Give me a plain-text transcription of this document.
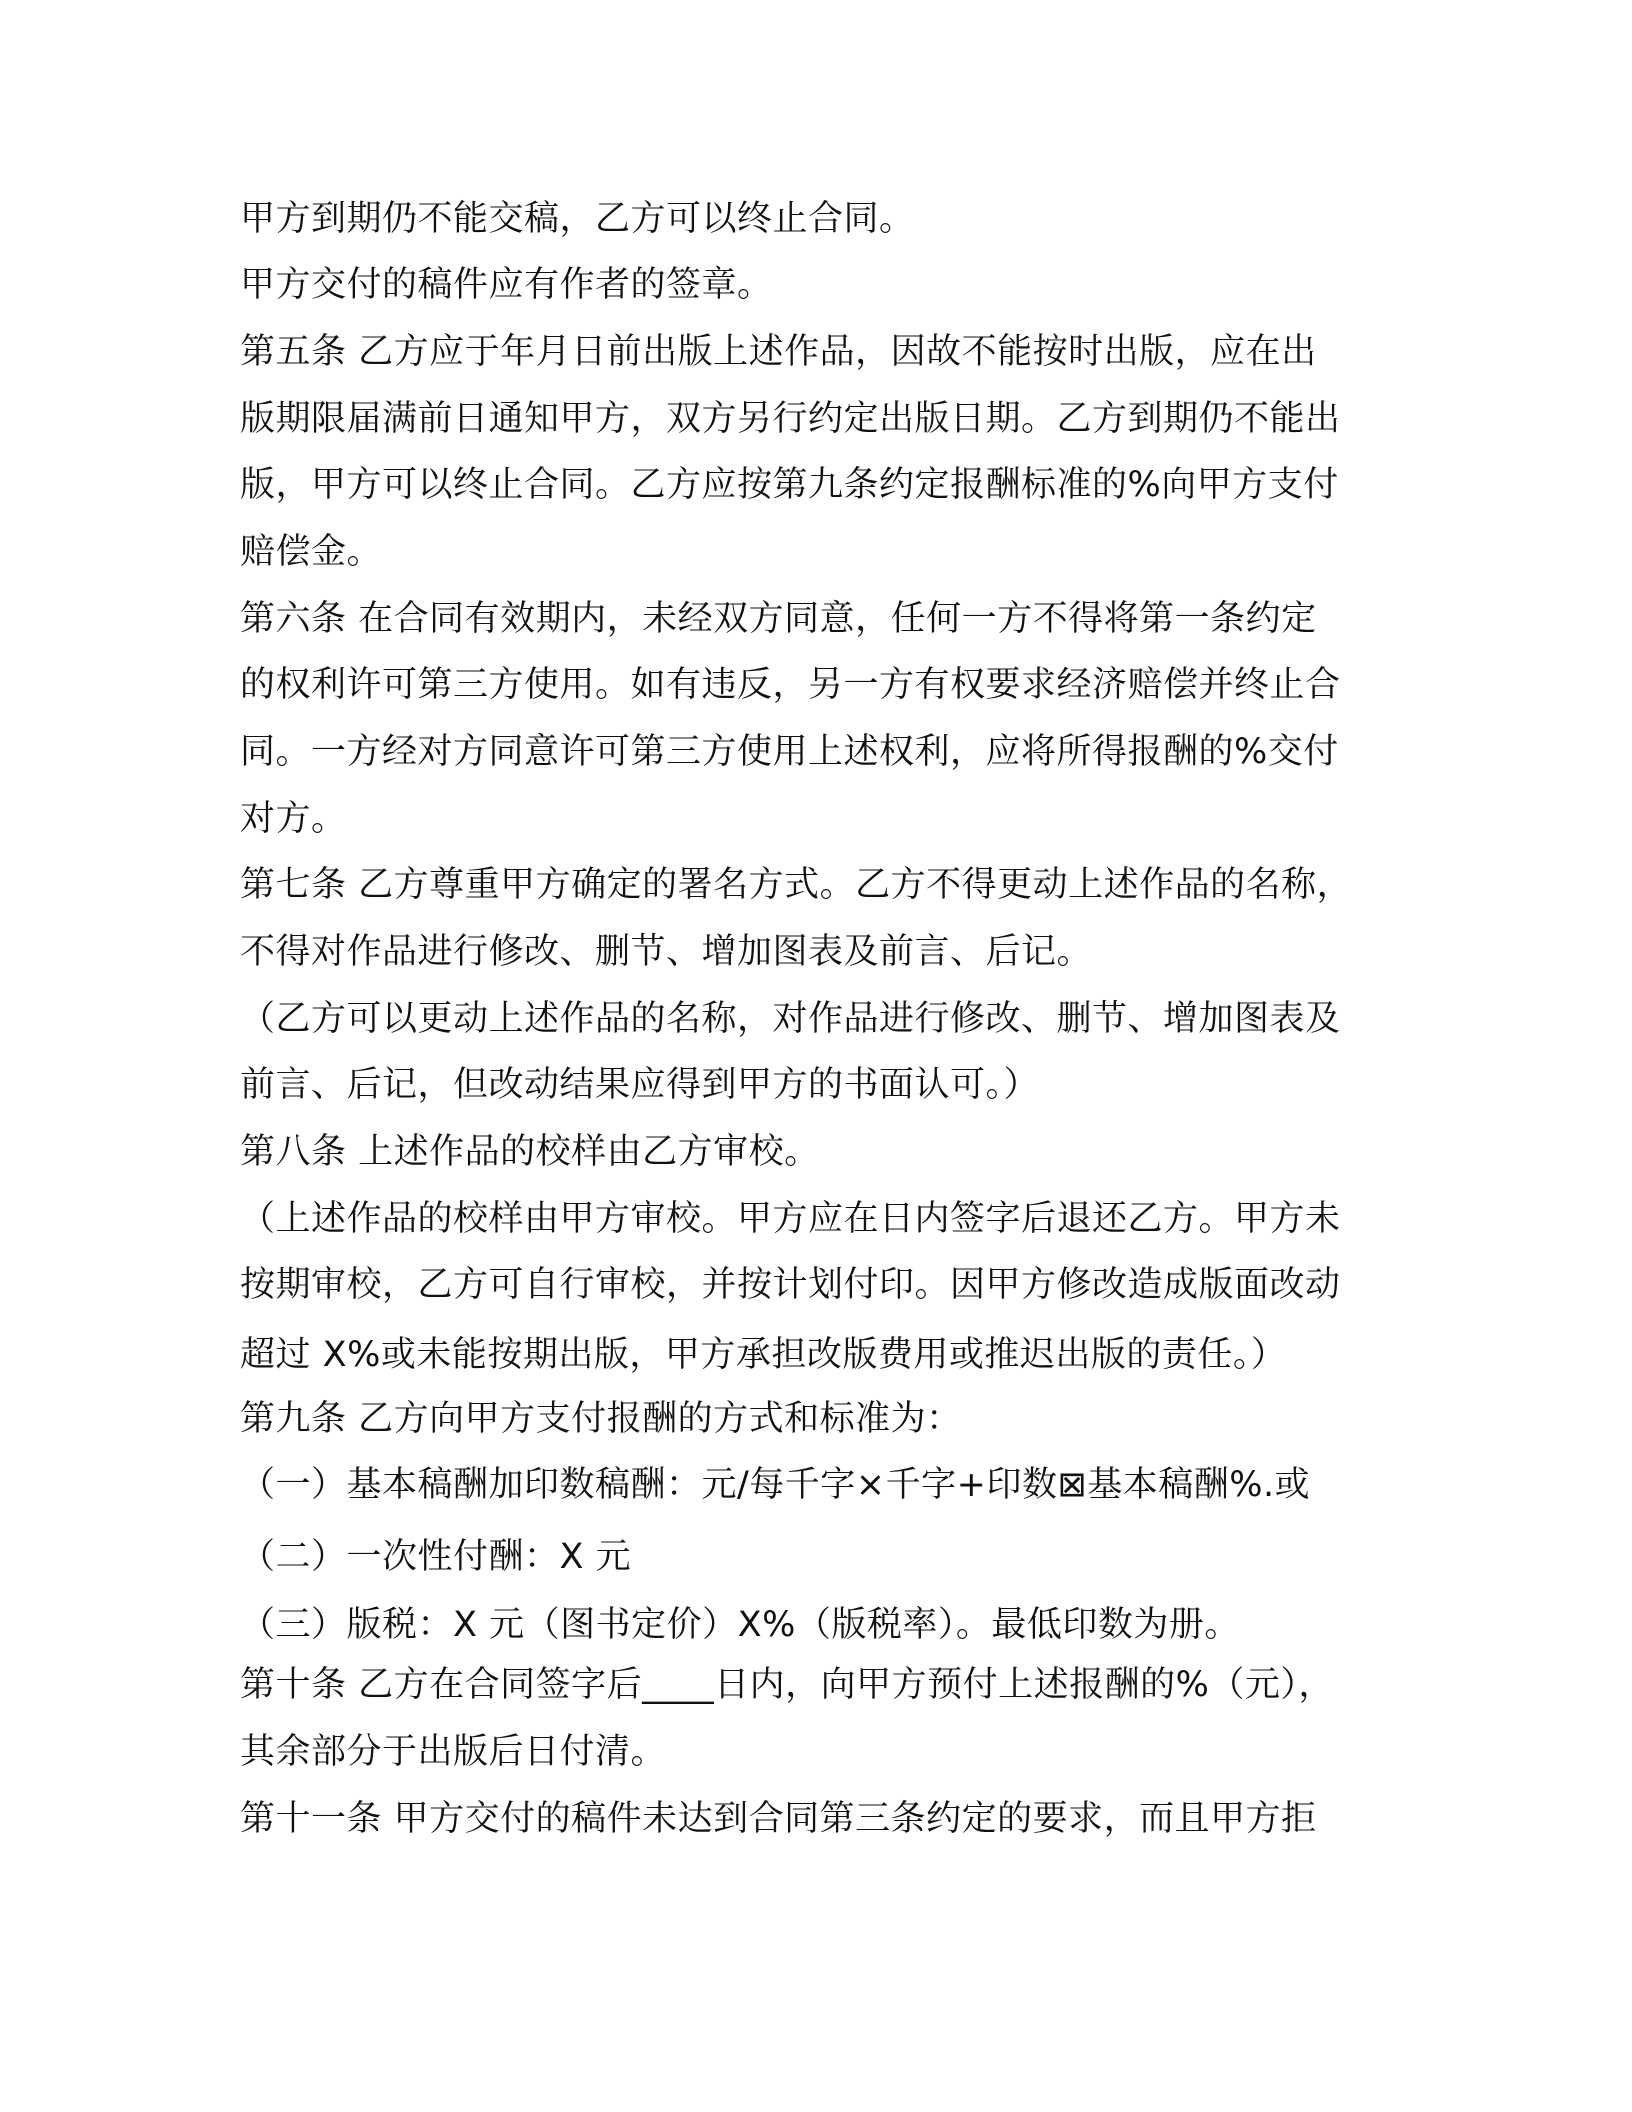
甲方到期仍不能交稿，乙方可以终止合同。
甲方交付的稿件应有作者的签章。
第五条 乙方应于年月日前出版上述作品，因故不能按时出版，应在出
版期限届满前日通知甲方，双方另行约定出版日期。乙方到期仍不能出
版，甲方可以终止合同。乙方应按第九条约定报酬标准的%向甲方支付
赔偿金。
第六条 在合同有效期内，未经双方同意，任何一方不得将第一条约定
的权利许可第三方使用。如有违反，另一方有权要求经济赔偿并终止合
同。一方经对方同意许可第三方使用上述权利，应将所得报酬的%交付
对方。
第七条 乙方尊重甲方确定的署名方式。乙方不得更动上述作品的名称，
不得对作品进行修改、删节、增加图表及前言、后记。
（乙方可以更动上述作品的名称，对作品进行修改、删节、增加图表及
前言、后记，但改动结果应得到甲方的书面认可。）
第八条 上述作品的校样由乙方审校。
（上述作品的校样由甲方审校。甲方应在日内签字后退还乙方。甲方未
按期审校，乙方可自行审校，并按计划付印。因甲方修改造成版面改动
超过 X%或未能按期出版，甲方承担改版费用或推迟出版的责任。）
第九条 乙方向甲方支付报酬的方式和标准为：
（一）基本稿酬加印数稿酬：元/每千字×千字+印数⊠基本稿酬%.或
（二）一次性付酬：X 元
（三）版税：X 元（图书定价）X%（版税率）。最低印数为册。
第十条 乙方在合同签字后____日内，向甲方预付上述报酬的%（元），
其余部分于出版后日付清。
第十一条 甲方交付的稿件未达到合同第三条约定的要求，而且甲方拒
